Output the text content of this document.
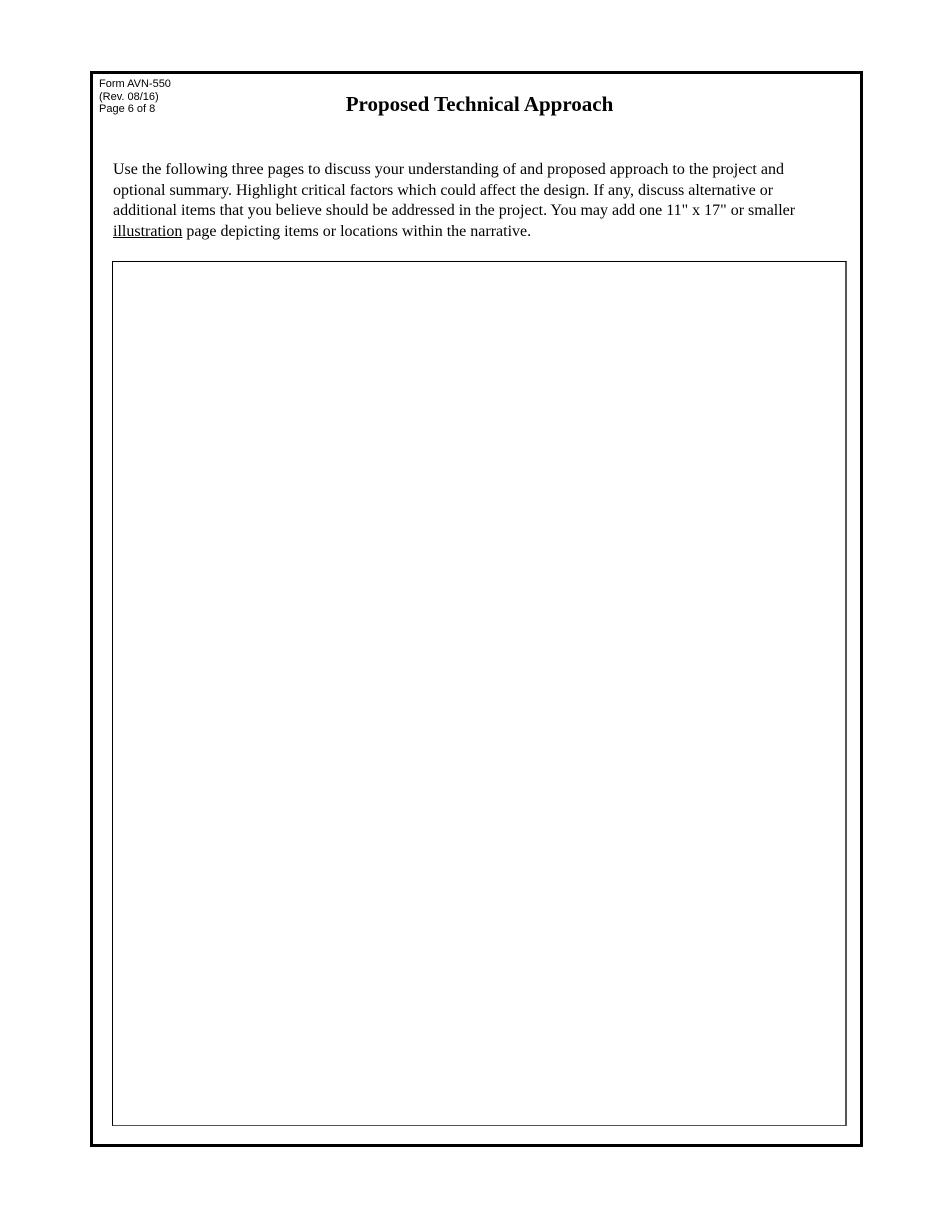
Form AVN-550
(Rev. 08/16)
Page 6 of 8	Proposed Technical Approach

Use the following three pages to discuss your understanding of and proposed approach to the project and
optional summary. Highlight critical factors which could affect the design. If any, discuss alternative or
additional items that you believe should be addressed in the project. You may add one 11" x 17" or smaller
illustration page depicting items or locations within the narrative.
